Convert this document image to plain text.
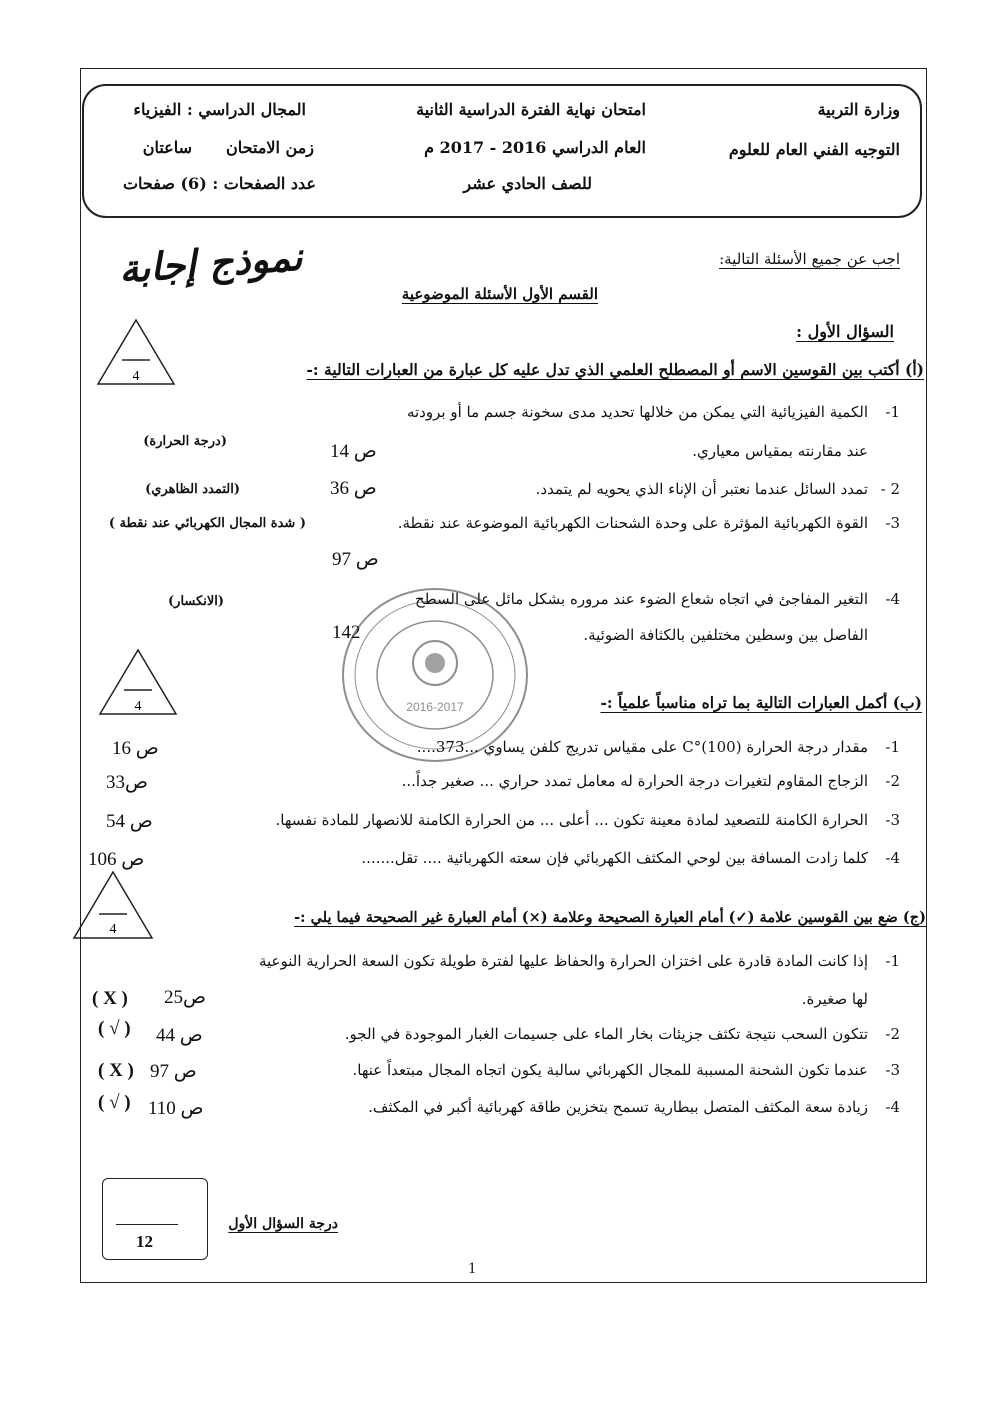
وزارة التربية
التوجيه الفني العام للعلوم
امتحان نهاية الفترة الدراسية الثانية
العام الدراسي 2016 - 2017 م
للصف الحادي عشر
المجال الدراسي : الفيزياء
زمن الامتحان
ساعتان
عدد الصفحات : (6) صفحات
نموذج إجابة	اجب عن جميع الأسئلة التالية:
القسم الأول الأسئلة الموضوعية
السؤال الأول :
4	(أ) أكتب بين القوسين الاسم أو المصطلح العلمي الذي تدل عليه كل عبارة من العبارات التالية :-
1-
الكمية الفيزيائية التي يمكن من خلالها تحديد مدى سخونة جسم ما أو برودته
عند مقارنته بمقياس معياري.
ص 14
(درجة الحرارة)
2 -
تمدد السائل عندما نعتبر أن الإناء الذي يحويه لم يتمدد.
ص 36
(التمدد الظاهري)
3-
القوة الكهربائية المؤثرة على وحدة الشحنات الكهربائية الموضوعة عند نقطة.
ص 97
( شدة المجال الكهربائي عند نقطة )
4-
التغير المفاجئ في اتجاه شعاع الضوء عند مروره بشكل مائل على السطح
الفاصل بين وسطين مختلفين بالكثافة الضوئية.
142
(الانكسار)
2016-2017
4	(ب) أكمل العبارات التالية بما تراه مناسباً علمياً :-
1-
مقدار درجة الحرارة (100)°C على مقياس تدريج كلفن يساوي ...373....
ص 16
2-
الزجاج المقاوم لتغيرات درجة الحرارة له معامل تمدد حراري ... صغير جداً...
ص33
3-
الحرارة الكامنة للتصعيد لمادة معينة تكون ... أعلى ... من الحرارة الكامنة للانصهار للمادة نفسها.
ص 54
4-
كلما زادت المسافة بين لوحي المكثف الكهربائي فإن سعته الكهربائية .... تقل.......
ص 106
4
(ج) ضع بين القوسين علامة (✓) أمام العبارة الصحيحة وعلامة (×) أمام العبارة غير الصحيحة فيما يلي :-
1-
إذا كانت المادة قادرة على اختزان الحرارة والحفاظ عليها لفترة طويلة تكون السعة الحرارية النوعية
لها صغيرة.
ص25
( X )
2-
تتكون السحب نتيجة تكثف جزيئات بخار الماء على جسيمات الغبار الموجودة في الجو.
ص 44
( √ )
3-
عندما تكون الشحنة المسببة للمجال الكهربائي سالبة يكون اتجاه المجال مبتعداً عنها.
ص 97
( X )
4-
زيادة سعة المكثف المتصل ببطارية تسمح بتخزين طاقة كهربائية أكبر في المكثف.
ص 110
( √ )
12
درجة السؤال الأول
1
